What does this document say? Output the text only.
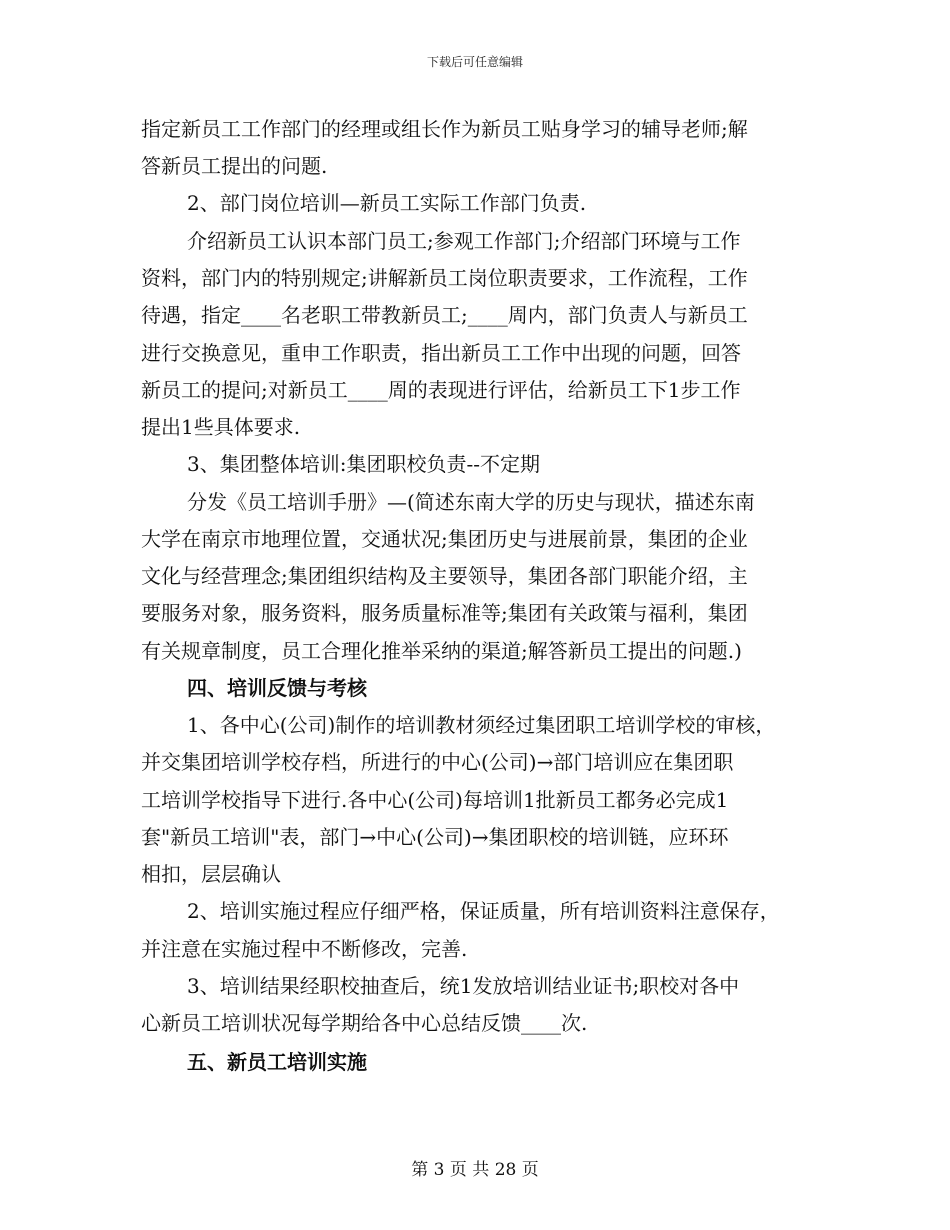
下载后可任意编辑
指定新员工工作部门的经理或组长作为新员工贴身学习的辅导老师;解
答新员工提出的问题.
2、部门岗位培训—新员工实际工作部门负责.
介绍新员工认识本部门员工;参观工作部门;介绍部门环境与工作
资料，部门内的特别规定;讲解新员工岗位职责要求，工作流程，工作
待遇，指定____名老职工带教新员工;____周内，部门负责人与新员工
进行交换意见，重申工作职责，指出新员工工作中出现的问题，回答
新员工的提问;对新员工____周的表现进行评估，给新员工下1步工作
提出1些具体要求.
3、集团整体培训:集团职校负责--不定期
分发《员工培训手册》—(简述东南大学的历史与现状，描述东南
大学在南京市地理位置，交通状况;集团历史与进展前景，集团的企业
文化与经营理念;集团组织结构及主要领导，集团各部门职能介绍，主
要服务对象，服务资料，服务质量标准等;集团有关政策与福利，集团
有关规章制度，员工合理化推举采纳的渠道;解答新员工提出的问题.)
四、培训反馈与考核
1、各中心(公司)制作的培训教材须经过集团职工培训学校的审核，
并交集团培训学校存档，所进行的中心(公司)→部门培训应在集团职
工培训学校指导下进行.各中心(公司)每培训1批新员工都务必完成1
套"新员工培训"表，部门→中心(公司)→集团职校的培训链，应环环
相扣，层层确认
2、培训实施过程应仔细严格，保证质量，所有培训资料注意保存，
并注意在实施过程中不断修改，完善.
3、培训结果经职校抽查后，统1发放培训结业证书;职校对各中
心新员工培训状况每学期给各中心总结反馈____次.
五、新员工培训实施
第 3 页 共 28 页
